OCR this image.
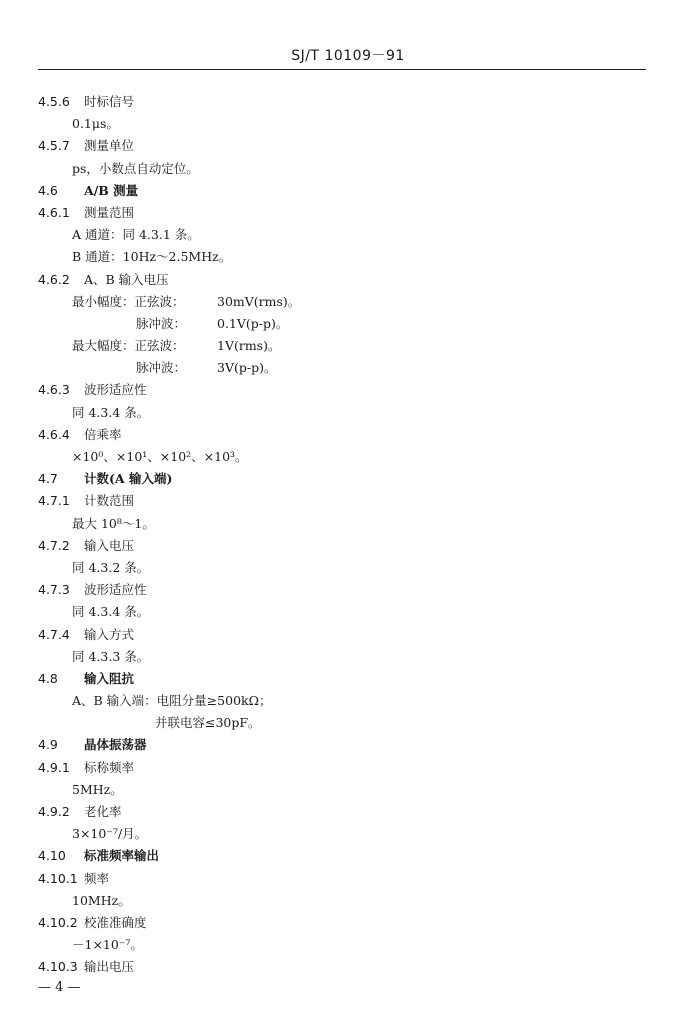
SJ/T 10109－91
4.5.6 时标信号
0.1μs。
4.5.7 测量单位
ps，小数点自动定位。
4.6 A/B 测量
4.6.1 测量范围
A 通道：同 4.3.1 条。
B 通道：10Hz～2.5MHz。
4.6.2 A、B 输入电压
最小幅度：正弦波：	30mV(rms)。
脉冲波： 0.1V(p-p)。
最大幅度：正弦波：	1V(rms)。
脉冲波： 3V(p-p)。
4.6.3 波形适应性
同 4.3.4 条。
4.6.4 倍乘率
×10⁰、×10¹、×10²、×10³。
4.7 计数(A 输入端)
4.7.1 计数范围
最大 10⁸～1。
4.7.2 输入电压
同 4.3.2 条。
4.7.3 波形适应性
同 4.3.4 条。
4.7.4 输入方式
同 4.3.3 条。
4.8 输入阻抗
A、B 输入端：电阻分量≥500kΩ；
并联电容≤30pF。
4.9 晶体振荡器
4.9.1 标称频率
5MHz。
4.9.2 老化率
3×10⁻⁷/月。
4.10 标准频率输出
4.10.1 频率
10MHz。
4.10.2 校准准确度
－1×10⁻⁷。
4.10.3 输出电压
— 4 —
